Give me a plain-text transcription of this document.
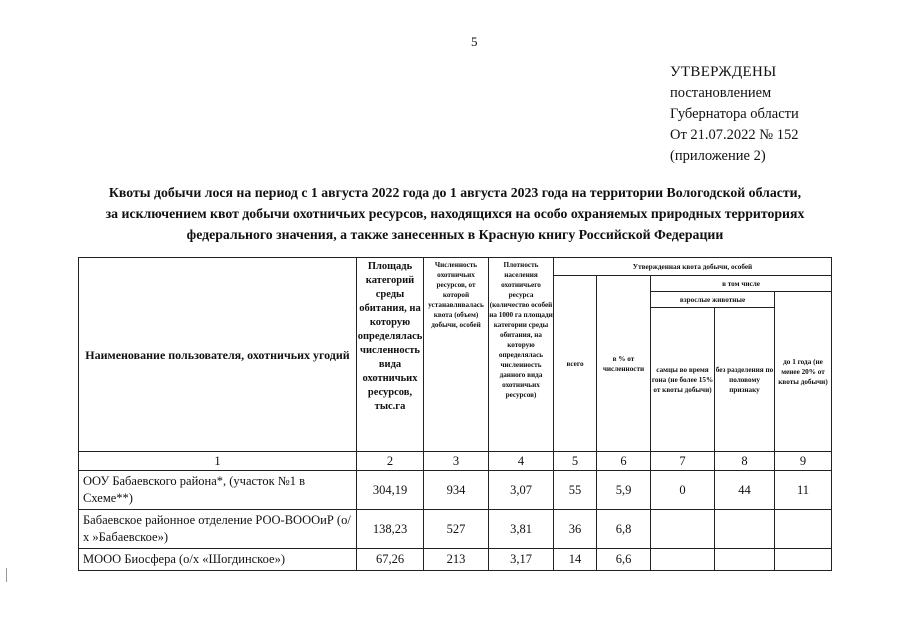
5
УТВЕРЖДЕНЫ
постановлением
Губернатора области
От 21.07.2022 № 152
(приложение 2)
Квоты добычи лося на период с 1 августа 2022 года до 1 августа 2023 года на территории Вологодской области,
за исключением квот добычи охотничьих ресурсов, находящихся на особо охраняемых природных территориях
федерального значения, а также занесенных в Красную книгу Российской Федерации
Наименование пользователя, охотничьих угодий	Площадь категорий среды обитания, на которую определялась численность вида охотничьих ресурсов, тыс.га	Численность охотничьих ресурсов, от которой устанавливалась квота (объем) добычи, особей	Плотность населения охотничьего ресурса (количество особей на 1000 га площади категории среды обитания, на которую определялась численность данного вида охотничьих ресурсов)	Утвержденная квота добычи, особей				
				всего	в % от численности	в том числе		
						взрослые животные		до 1 года (не менее 20% от квоты добычи)
						самцы во время гона (не более 15% от квоты добычи)	без разделения по половому признаку	
1	2	3	4	5	6	7	8	9
ООУ Бабаевского района*, (участок №1 в Схеме**)	304,19	934	3,07	55	5,9	0	44	11
Бабаевское районное отделение РОО-ВОООиР (о/х »Бабаевское»)	138,23	527	3,81	36	6,8			
МООО Биосфера (о/х «Шогдинское»)	67,26	213	3,17	14	6,6			
